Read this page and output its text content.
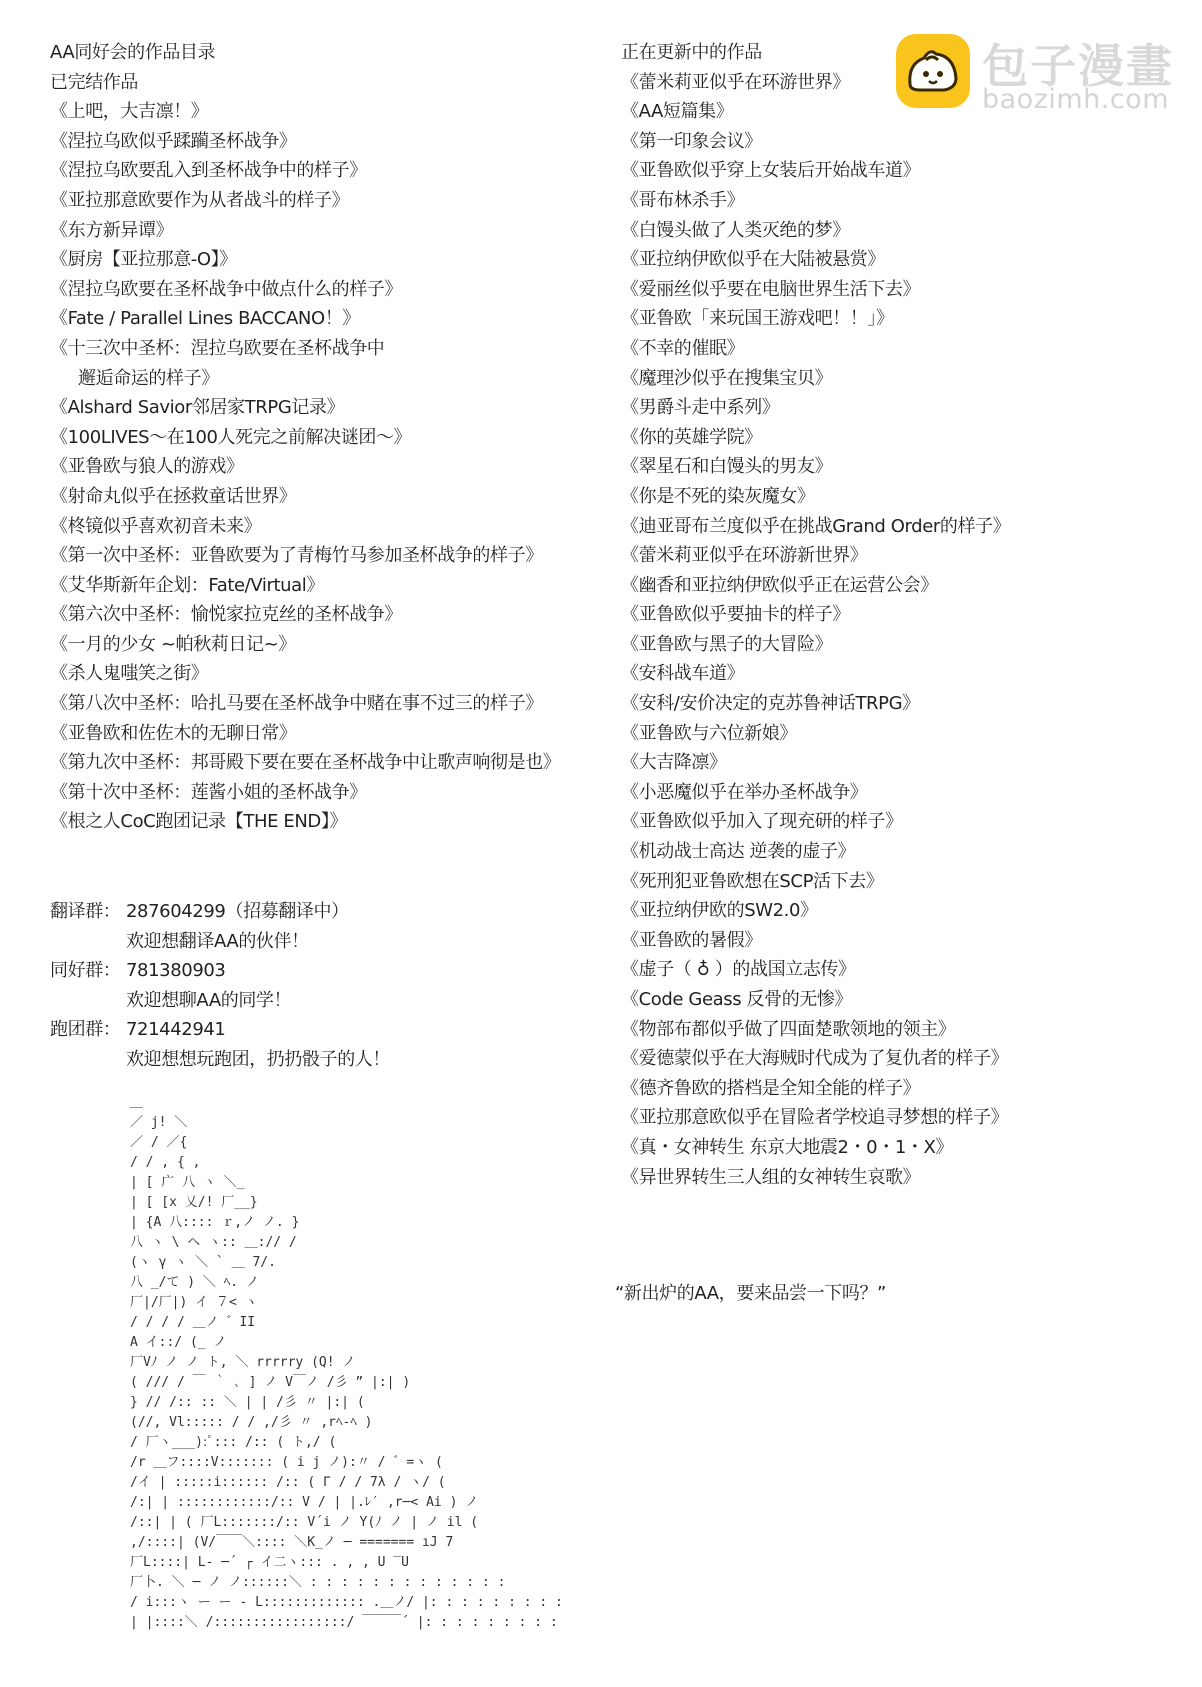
AA同好会的作品目录
已完结作品
《上吧，大吉凛！》
《涅拉乌欧似乎蹂躏圣杯战争》
《涅拉乌欧要乱入到圣杯战争中的样子》
《亚拉那意欧要作为从者战斗的样子》
《东方新异谭》
《厨房【亚拉那意-O】》
《涅拉乌欧要在圣杯战争中做点什么的样子》
《Fate / Parallel Lines BACCANO！》
《十三次中圣杯：涅拉乌欧要在圣杯战争中
邂逅命运的样子》
《Alshard Savior邻居家TRPG记录》
《100LIVES～在100人死完之前解决谜团～》
《亚鲁欧与狼人的游戏》
《射命丸似乎在拯救童话世界》
《柊镜似乎喜欢初音未来》
《第一次中圣杯：亚鲁欧要为了青梅竹马参加圣杯战争的样子》
《艾华斯新年企划：Fate/Virtual》
《第六次中圣杯：愉悦家拉克丝的圣杯战争》
《一月的少女 ~帕秋莉日记~》
《杀人鬼嗤笑之街》
《第八次中圣杯：哈扎马要在圣杯战争中赌在事不过三的样子》
《亚鲁欧和佐佐木的无聊日常》
《第九次中圣杯：邦哥殿下要在要在圣杯战争中让歌声响彻是也》
《第十次中圣杯：莲酱小姐的圣杯战争》
《根之人CoC跑团记录【THE END】》
翻译群： 287604299（招募翻译中）
欢迎想翻译AA的伙伴！
同好群： 781380903
欢迎想聊AA的同学！
跑团群： 721442941
欢迎想想玩跑团，扔扔骰子的人！
正在更新中的作品
《蕾米莉亚似乎在环游世界》
《AA短篇集》
《第一印象会议》
《亚鲁欧似乎穿上女装后开始战车道》
《哥布林杀手》
《白馒头做了人类灭绝的梦》
《亚拉纳伊欧似乎在大陆被悬赏》
《爱丽丝似乎要在电脑世界生活下去》
《亚鲁欧「来玩国王游戏吧！！」》
《不幸的催眠》
《魔理沙似乎在搜集宝贝》
《男爵斗走中系列》
《你的英雄学院》
《翠星石和白馒头的男友》
《你是不死的染灰魔女》
《迪亚哥布兰度似乎在挑战Grand Order的样子》
《蕾米莉亚似乎在环游新世界》
《幽香和亚拉纳伊欧似乎正在运营公会》
《亚鲁欧似乎要抽卡的样子》
《亚鲁欧与黑子的大冒险》
《安科战车道》
《安科/安价决定的克苏鲁神话TRPG》
《亚鲁欧与六位新娘》
《大吉降凛》
《小恶魔似乎在举办圣杯战争》
《亚鲁欧似乎加入了现充研的样子》
《机动战士高达 逆袭的虚子》
《死刑犯亚鲁欧想在SCP活下去》
《亚拉纳伊欧的SW2.0》
《亚鲁欧的暑假》
《虚子（ ♁ ）的战国立志传》
《Code Geass 反骨的无惨》
《物部布都似乎做了四面楚歌领地的领主》
《爱德蒙似乎在大海贼时代成为了复仇者的样子》
《德齐鲁欧的搭档是全知全能的样子》
《亚拉那意欧似乎在冒险者学校追寻梦想的样子》
《真・女神转生 东京大地震2・0・1・X》
《异世界转生三人组的女神转生哀歌》
包子漫畫
baozimh.com
“新出炉的AA，要来品尝一下吗？”
＿
／ j! ＼
／ / ／{
/ / , { ,
| [ 广 八 ヽ ＼_
| [ [x 乂/! 厂__}
| {A 八:::: ｒ,ノ ノ. }
八 ヽ \ ヘ ヽ:: ＿:// /
(ヽ γ ヽ ＼ ` ＿ 7/.
八 _/て ) ＼ ﾍ. ノ
厂|/厂|) イ ７< ヽ
/ / / / ＿ノ ゛II
A イ::/ (_ ノ
厂Vﾉ ノ ノ ト, ＼ rrrrry (Q! ノ
( /// / ￣ ｀ ､ ] ノ V￣ノ /彡 ” |:| )
} // /:: :: ＼ | | /彡 〃 |:| (
(//, Vl::::: / / ,/彡 〃 ,rﾍ-ﾍ )
/ 厂ヽ___):ﾟ::: /:: ( ト,/ (
/r ＿フ::::V::::::: ( i j ノ):〃 / ゛=ヽ (
/イ | :::::i:::::: /:: ( Γ / / 7λ / ヽ/ (
/:| | ::::::::::::/:: V / | |.ﾚ′ ,r─< Ai ) ノ
/::| | ( 厂L:::::::/:: V´i ノ Y(ﾉ ノ | ノ il (
,/::::| (V/￣￣＼:::: ＼K_ノ ─ ======= ıJ ̄7
厂L::::| L- ─´ ┌ イ二ヽ::: . , , U ‾U
厂卜. ＼ ─ ノ ノ::::::＼ : : : : : : : : : : : : :
/ i:::ヽ ー ー - L::::::::::::: .＿ノ/ |: : : : : : : : :
| |::::＼ /:::::::::::::::::/ ￣￣￣´ |: : : : : : : : :
